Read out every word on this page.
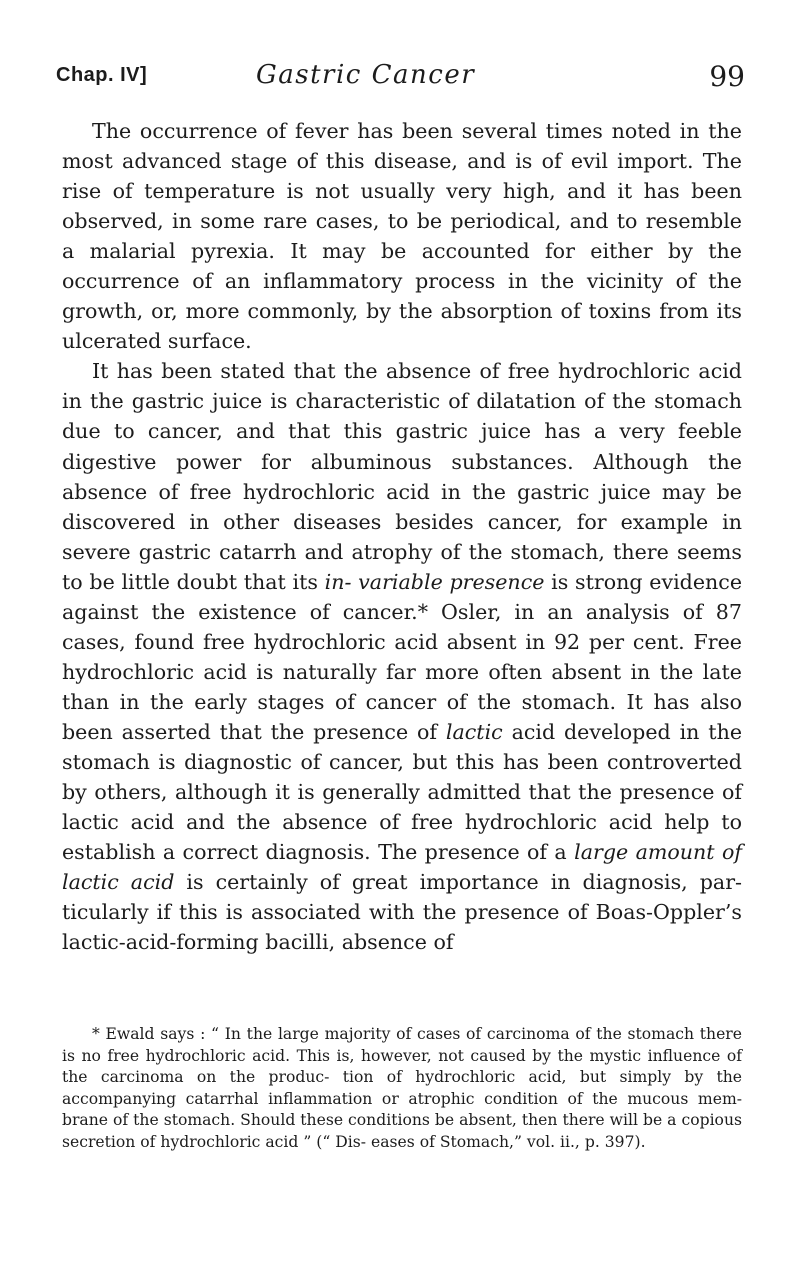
Chap. IV]	Gastric Cancer	99

The occurrence of fever has been several times noted in the most advanced stage of this disease, and is of evil import. The rise of temperature is not usually very high, and it has been observed, in some rare cases, to be periodical, and to resemble a malarial pyrexia. It may be accounted for either by the occurrence of an inflammatory process in the vicinity of the growth, or, more commonly, by the absorption of toxins from its ulcerated surface.

It has been stated that the absence of free hydrochloric acid in the gastric juice is characteristic of dilatation of the stomach due to cancer, and that this gastric juice has a very feeble digestive power for albuminous substances. Although the absence of free hydrochloric acid in the gastric juice may be discovered in other diseases besides cancer, for example in severe gastric catarrh and atrophy of the stomach, there seems to be little doubt that its in- variable presence is strong evidence against the existence of cancer.* Osler, in an analysis of 87 cases, found free hydrochloric acid absent in 92 per cent. Free hydrochloric acid is naturally far more often absent in the late than in the early stages of cancer of the stomach. It has also been asserted that the presence of lactic acid developed in the stomach is diagnostic of cancer, but this has been controverted by others, although it is generally admitted that the presence of lactic acid and the absence of free hydrochloric acid help to establish a correct diagnosis. The presence of a large amount of lactic acid is certainly of great importance in diagnosis, par- ticularly if this is associated with the presence of Boas-Oppler’s lactic-acid-forming bacilli, absence of

* Ewald says : “ In the large majority of cases of carcinoma of the stomach there is no free hydrochloric acid. This is, however, not caused by the mystic influence of the carcinoma on the produc- tion of hydrochloric acid, but simply by the accompanying catarrhal inflammation or atrophic condition of the mucous mem- brane of the stomach. Should these conditions be absent, then there will be a copious secretion of hydrochloric acid ” (“ Dis- eases of Stomach,” vol. ii., p. 397).
